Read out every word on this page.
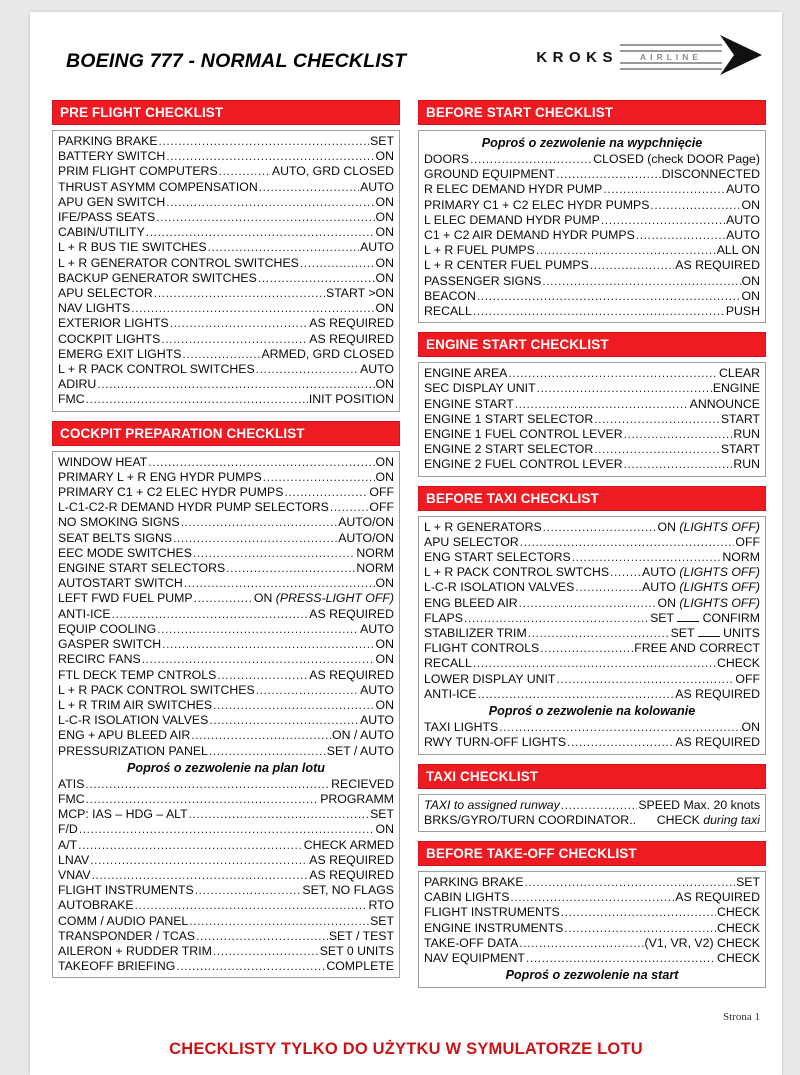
BOEING 777 - NORMAL CHECKLIST	KROKS	AIRLINE
PRE FLIGHT CHECKLIST
PARKING BRAKE .....	SET
BATTERY SWITCH .....	ON
PRIM FLIGHT COMPUTERS .....	AUTO, GRD CLOSED
THRUST ASYMM COMPENSATION .....	AUTO
APU GEN SWITCH .....	ON
IFE/PASS SEATS .....	ON
CABIN/UTILITY .....	ON
L + R BUS TIE SWITCHES .....	AUTO
L + R GENERATOR CONTROL SWITCHES .....	ON
BACKUP GENERATOR SWITCHES .....	ON
APU SELECTOR .....	START >ON
NAV LIGHTS .....	ON
EXTERIOR LIGHTS .....	AS REQUIRED
COCKPIT LIGHTS .....	AS REQUIRED
EMERG EXIT LIGHTS .....	ARMED, GRD CLOSED
L + R PACK CONTROL SWITCHES .....	AUTO
ADIRU .....	ON
FMC .....	INIT POSITION
COCKPIT PREPARATION CHECKLIST
WINDOW HEAT .....	ON
PRIMARY L + R ENG HYDR PUMPS .....	ON
PRIMARY C1 + C2 ELEC HYDR PUMPS .....	OFF
L-C1-C2-R DEMAND HYDR PUMP SELECTORS .....	OFF
NO SMOKING SIGNS .....	AUTO/ON
SEAT BELTS SIGNS .....	AUTO/ON
EEC MODE SWITCHES .....	NORM
ENGINE START SELECTORS .....	NORM
AUTOSTART SWITCH .....	ON
LEFT FWD FUEL PUMP .....	ON (PRESS-LIGHT OFF)
ANTI-ICE .....	AS REQUIRED
EQUIP COOLING .....	AUTO
GASPER SWITCH .....	ON
RECIRC FANS .....	ON
FTL DECK TEMP CNTROLS .....	AS REQUIRED
L + R PACK CONTROL SWITCHES .....	AUTO
L + R TRIM AIR SWITCHES .....	ON
L-C-R ISOLATION VALVES .....	AUTO
ENG + APU BLEED AIR .....	ON / AUTO
PRESSURIZATION PANEL .....	SET / AUTO
Poproś o zezwolenie na plan lotu
ATIS .....	RECIEVED
FMC .....	PROGRAMM
MCP: IAS – HDG – ALT .....	SET
F/D .....	ON
A/T .....	CHECK ARMED
LNAV .....	AS REQUIRED
VNAV .....	AS REQUIRED
FLIGHT INSTRUMENTS .....	SET, NO FLAGS
AUTOBRAKE .....	RTO
COMM / AUDIO PANEL .....	SET
TRANSPONDER / TCAS .....	SET / TEST
AILERON + RUDDER TRIM .....	SET 0 UNITS
TAKEOFF BRIEFING .....	COMPLETE
BEFORE START CHECKLIST
Poproś o zezwolenie na wypchnięcie
DOORS .....	CLOSED (check DOOR Page)
GROUND EQUIPMENT .....	DISCONNECTED
R ELEC DEMAND HYDR PUMP .....	AUTO
PRIMARY C1 + C2 ELEC HYDR PUMPS .....	ON
L ELEC DEMAND HYDR PUMP .....	AUTO
C1 + C2 AIR DEMAND HYDR PUMPS .....	AUTO
L + R FUEL PUMPS .....	ALL ON
L + R CENTER FUEL PUMPS .....	AS REQUIRED
PASSENGER SIGNS .....	ON
BEACON .....	ON
RECALL .....	PUSH
ENGINE START CHECKLIST
ENGINE AREA .....	CLEAR
SEC DISPLAY UNIT .....	ENGINE
ENGINE START .....	ANNOUNCE
ENGINE 1 START SELECTOR .....	START
ENGINE 1 FUEL CONTROL LEVER .....	RUN
ENGINE 2 START SELECTOR .....	START
ENGINE 2 FUEL CONTROL LEVER .....	RUN
BEFORE TAXI CHECKLIST
L + R GENERATORS .....	ON (LIGHTS OFF)
APU SELECTOR .....	OFF
ENG START SELECTORS .....	NORM
L + R PACK CONTROL SWTCHS .....	AUTO (LIGHTS OFF)
L-C-R ISOLATION VALVES .....	AUTO (LIGHTS OFF)
ENG BLEED AIR .....	ON (LIGHTS OFF)
FLAPS .....	SET  CONFIRM
STABILIZER TRIM .....	SET  UNITS
FLIGHT CONTROLS .....	FREE AND CORRECT
RECALL .....	CHECK
LOWER DISPLAY UNIT .....	OFF
ANTI-ICE .....	AS REQUIRED
Poproś o zezwolenie na kolowanie
TAXI LIGHTS .....	ON
RWY TURN-OFF LIGHTS .....	AS REQUIRED
TAXI CHECKLIST
TAXI to assigned runway .....	SPEED Max. 20 knots
BRKS/GYRO/TURN COORDINATOR.. CHECK during taxi
BEFORE TAKE-OFF CHECKLIST
PARKING BRAKE .....	SET
CABIN LIGHTS .....	AS REQUIRED
FLIGHT INSTRUMENTS .....	CHECK
ENGINE INSTRUMENTS .....	CHECK
TAKE-OFF DATA .....	(V1, VR, V2) CHECK
NAV EQUIPMENT .....	CHECK
Poproś o zezwolenie na start
Strona 1
CHECKLISTY TYLKO DO UŻYTKU W SYMULATORZE LOTU
